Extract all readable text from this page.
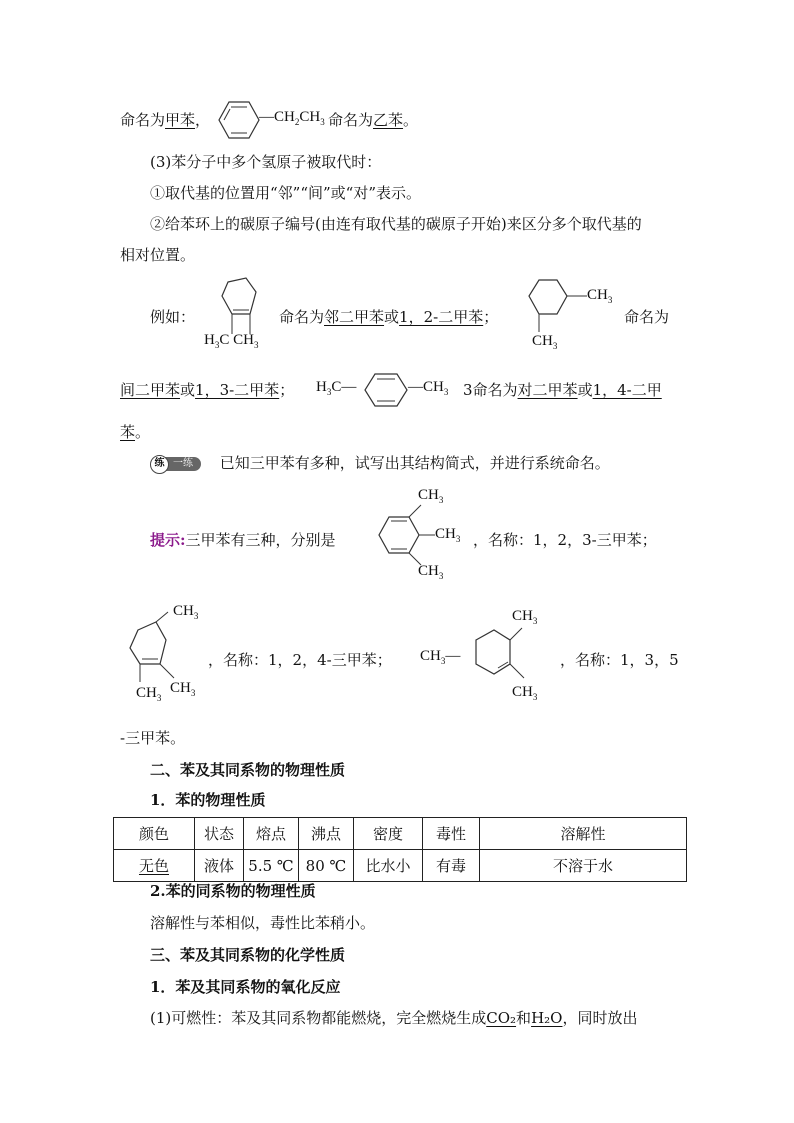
命名为甲苯，	$—CH_2CH_3$ 命名为乙苯。
(3)苯分子中多个氢原子被取代时：
①取代基的位置用“邻”“间”或“对”表示。
②给苯环上的碳原子编号(由连有取代基的碳原子开始)来区分多个取代基的
相对位置。
例如：
$H_3C$ $CH_3$
命名为邻二甲苯或1，2-二甲苯；
$CH_3$
$CH_3$
命名为
间二甲苯或1，3-二甲苯； $H_3C—$	$—CH_3$ 3命名为对二甲苯或1，4-二甲
苯。
练 一练	已知三甲苯有多种，试写出其结构简式，并进行系统命名。
提示:三甲苯有三种，分别是
$CH_3$
$CH_3$
$CH_3$
，名称：1，2，3-三甲苯；
$CH_3$
$CH_3$
$CH_3$
，名称：1，2，4-三甲苯； $CH_3—$
$CH_3$
$CH_3$
，名称：1，3，5
-三甲苯。
二、苯及其同系物的物理性质
1．苯的物理性质
颜色	状态	熔点	沸点	密度	毒性	溶解性
无色	液体	5.5 ℃	80 ℃	比水小	有毒	不溶于水
2.苯的同系物的物理性质
溶解性与苯相似，毒性比苯稍小。
三、苯及其同系物的化学性质
1．苯及其同系物的氧化反应
(1)可燃性：苯及其同系物都能燃烧，完全燃烧生成CO₂和H₂O，同时放出
